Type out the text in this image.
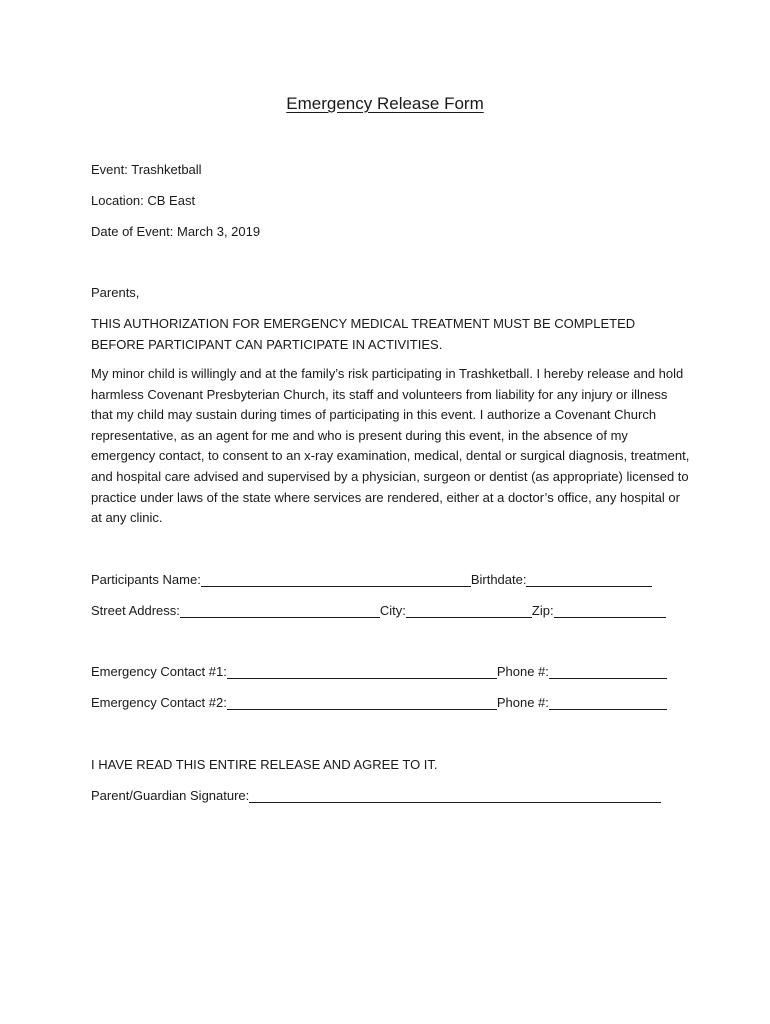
Emergency Release Form
Event: Trashketball
Location: CB East
Date of Event: March 3, 2019
Parents,
THIS AUTHORIZATION FOR EMERGENCY MEDICAL TREATMENT MUST BE COMPLETED BEFORE PARTICIPANT CAN PARTICIPATE IN ACTIVITIES.
My minor child is willingly and at the family’s risk participating in Trashketball. I hereby release and hold harmless Covenant Presbyterian Church, its staff and volunteers from liability for any injury or illness that my child may sustain during times of participating in this event. I authorize a Covenant Church representative, as an agent for me and who is present during this event, in the absence of my emergency contact, to consent to an x-ray examination, medical, dental or surgical diagnosis, treatment, and hospital care advised and supervised by a physician, surgeon or dentist (as appropriate) licensed to practice under laws of the state where services are rendered, either at a doctor’s office, any hospital or at any clinic.
Participants Name:	Birthdate:
Street Address:	City:	Zip:
Emergency Contact #1:	Phone #:
Emergency Contact #2:	Phone #:
I HAVE READ THIS ENTIRE RELEASE AND AGREE TO IT.
Parent/Guardian Signature:
